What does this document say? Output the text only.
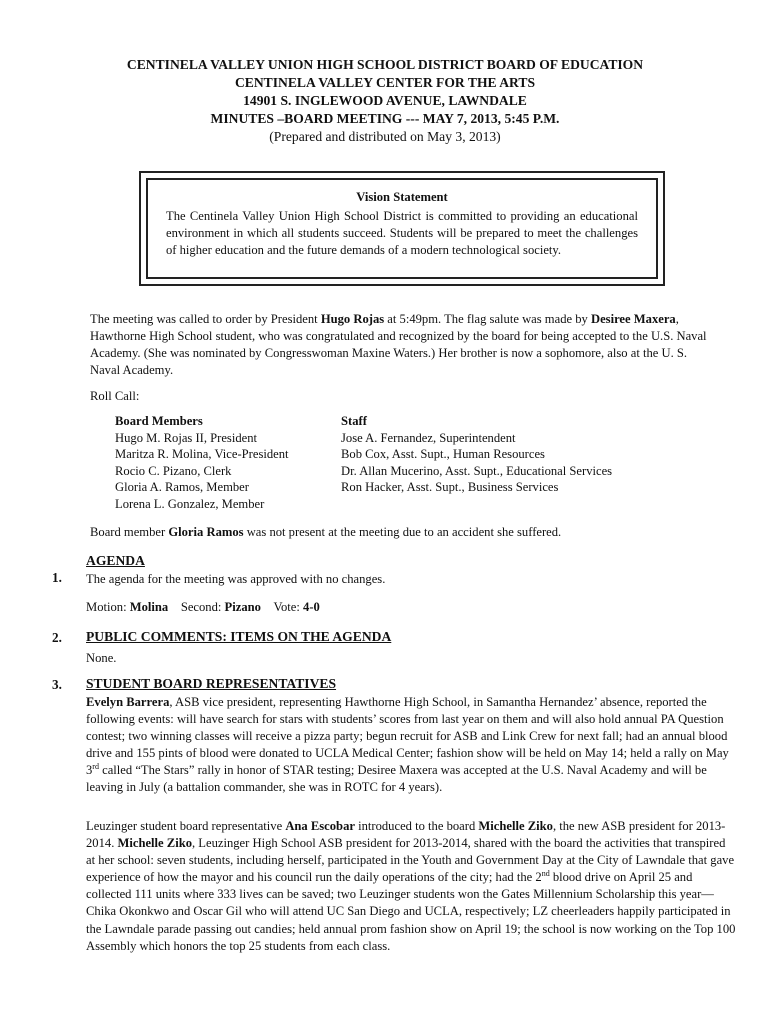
CENTINELA VALLEY UNION HIGH SCHOOL DISTRICT BOARD OF EDUCATION
CENTINELA VALLEY CENTER FOR THE ARTS
14901 S. INGLEWOOD AVENUE, LAWNDALE
MINUTES –BOARD MEETING --- MAY 7, 2013, 5:45 P.M.
(Prepared and distributed on May 3, 2013)
Vision Statement
The Centinela Valley Union High School District is committed to providing an educational environment in which all students succeed. Students will be prepared to meet the challenges of higher education and the future demands of a modern technological society.
The meeting was called to order by President Hugo Rojas at 5:49pm. The flag salute was made by Desiree Maxera, Hawthorne High School student, who was congratulated and recognized by the board for being accepted to the U.S. Naval Academy. (She was nominated by Congresswoman Maxine Waters.) Her brother is now a sophomore, also at the U. S. Naval Academy.
Roll Call:
Board Members
Hugo M. Rojas II, President
Maritza R. Molina, Vice-President
Rocio C. Pizano, Clerk
Gloria A. Ramos, Member
Lorena L. Gonzalez, Member
Staff
Jose A. Fernandez, Superintendent
Bob Cox, Asst. Supt., Human Resources
Dr. Allan Mucerino, Asst. Supt., Educational Services
Ron Hacker, Asst. Supt., Business Services
Board member Gloria Ramos was not present at the meeting due to an accident she suffered.
AGENDA
1. The agenda for the meeting was approved with no changes.
Motion: Molina Second: Pizano Vote: 4-0
2. PUBLIC COMMENTS: ITEMS ON THE AGENDA
None.
3. STUDENT BOARD REPRESENTATIVES
Evelyn Barrera, ASB vice president, representing Hawthorne High School, in Samantha Hernandez’ absence, reported the following events: will have search for stars with students’ scores from last year on them and will also hold annual PA Question contest; two winning classes will receive a pizza party; begun recruit for ASB and Link Crew for next fall; had an annual blood drive and 155 pints of blood were donated to UCLA Medical Center; fashion show will be held on May 14; held a rally on May 3rd called “The Stars” rally in honor of STAR testing; Desiree Maxera was accepted at the U.S. Naval Academy and will be leaving in July (a battalion commander, she was in ROTC for 4 years).
Leuzinger student board representative Ana Escobar introduced to the board Michelle Ziko, the new ASB president for 2013-2014. Michelle Ziko, Leuzinger High School ASB president for 2013-2014, shared with the board the activities that transpired at her school: seven students, including herself, participated in the Youth and Government Day at the City of Lawndale that gave experience of how the mayor and his council run the daily operations of the city; had the 2nd blood drive on April 25 and collected 111 units where 333 lives can be saved; two Leuzinger students won the Gates Millennium Scholarship this year—Chika Okonkwo and Oscar Gil who will attend UC San Diego and UCLA, respectively; LZ cheerleaders happily participated in the Lawndale parade passing out candies; held annual prom fashion show on April 19; the school is now working on the Top 100 Assembly which honors the top 25 students from each class.
